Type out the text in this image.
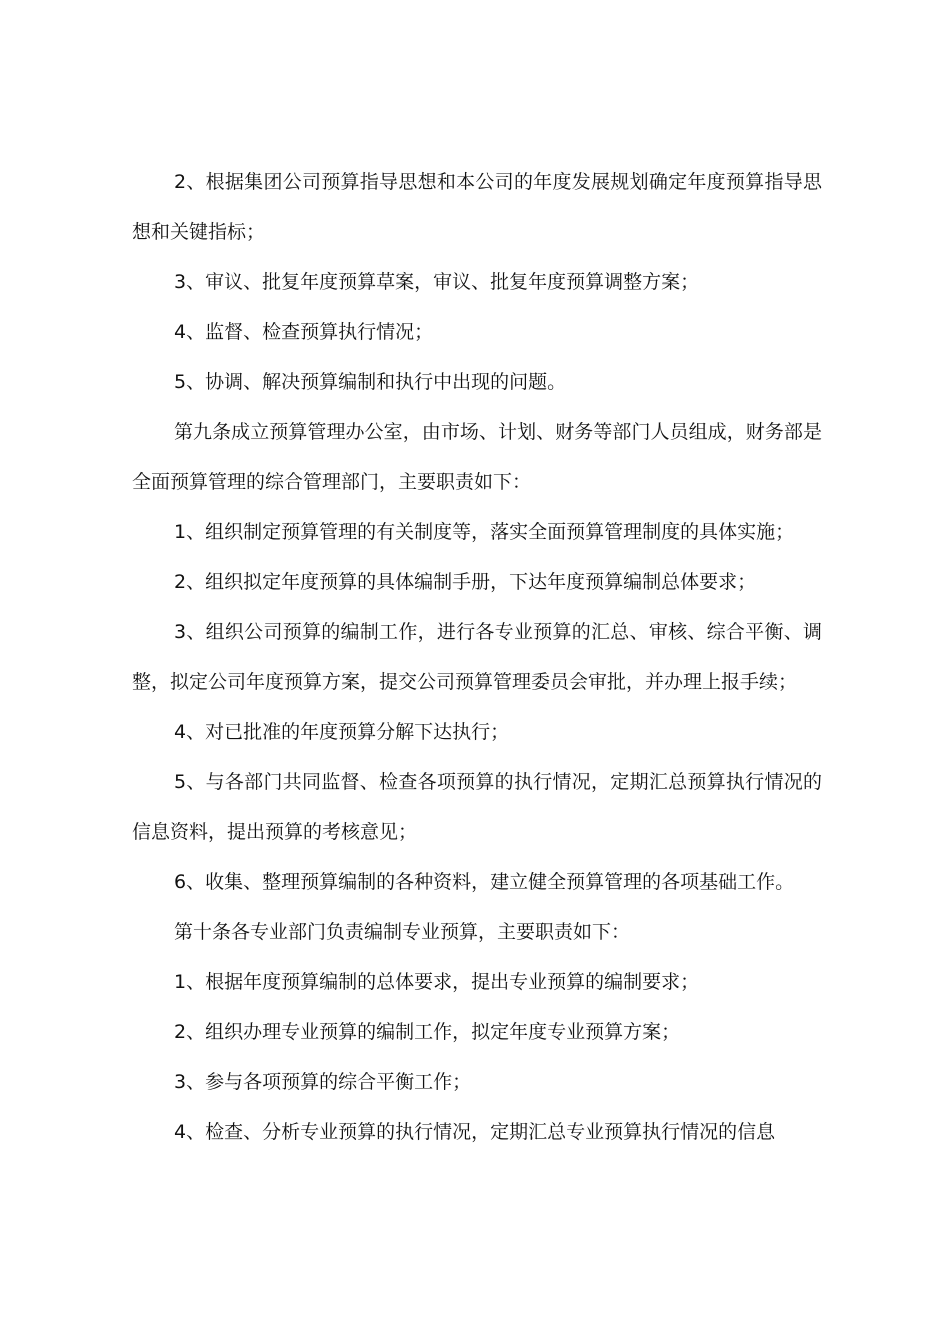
2、根据集团公司预算指导思想和本公司的年度发展规划确定年度预算指导思想和关键指标；

3、审议、批复年度预算草案，审议、批复年度预算调整方案；

4、监督、检查预算执行情况；

5、协调、解决预算编制和执行中出现的问题。

第九条成立预算管理办公室，由市场、计划、财务等部门人员组成，财务部是全面预算管理的综合管理部门，主要职责如下：

1、组织制定预算管理的有关制度等，落实全面预算管理制度的具体实施；

2、组织拟定年度预算的具体编制手册，下达年度预算编制总体要求；

3、组织公司预算的编制工作，进行各专业预算的汇总、审核、综合平衡、调整，拟定公司年度预算方案，提交公司预算管理委员会审批，并办理上报手续；

4、对已批准的年度预算分解下达执行；

5、与各部门共同监督、检查各项预算的执行情况，定期汇总预算执行情况的信息资料，提出预算的考核意见；

6、收集、整理预算编制的各种资料，建立健全预算管理的各项基础工作。

第十条各专业部门负责编制专业预算，主要职责如下：

1、根据年度预算编制的总体要求，提出专业预算的编制要求；

2、组织办理专业预算的编制工作，拟定年度专业预算方案；

3、参与各项预算的综合平衡工作；

4、检查、分析专业预算的执行情况，定期汇总专业预算执行情况的信息
